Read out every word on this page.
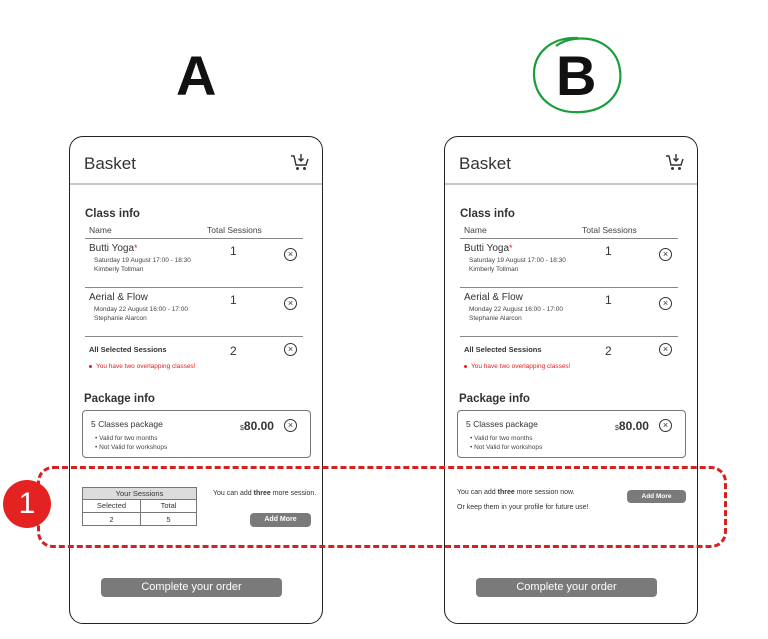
A	B
Basket
Class info
Name	Total Sessions
Butti Yoga*
Saturday 19 August 17:00 - 18:30
Kimberly Tollman
1	×
Aerial & Flow
Monday 22 August 16:00 - 17:00
Stephanie Alarcon
1	×
All Selected Sessions	2	×
You have two overlapping classes!
Package info
5 Classes package	$80.00
• Valid for two months
• Not Valid for workshops
×
Your Sessions
Selected	Total
2	5
You can add three more session.
Add More
Complete your order
Basket
Class info
Name	Total Sessions
Butti Yoga*
Saturday 19 August 17:00 - 18:30
Kimberly Tollman
1	×
Aerial & Flow
Monday 22 August 16:00 - 17:00
Stephanie Alarcon
1	×
All Selected Sessions	2	×
You have two overlapping classes!
Package info
5 Classes package	$80.00
• Valid for two months
• Not Valid for workshops
×
You can add three more session now.
Or keep them in your profile for future use!
Add More
Complete your order
1
